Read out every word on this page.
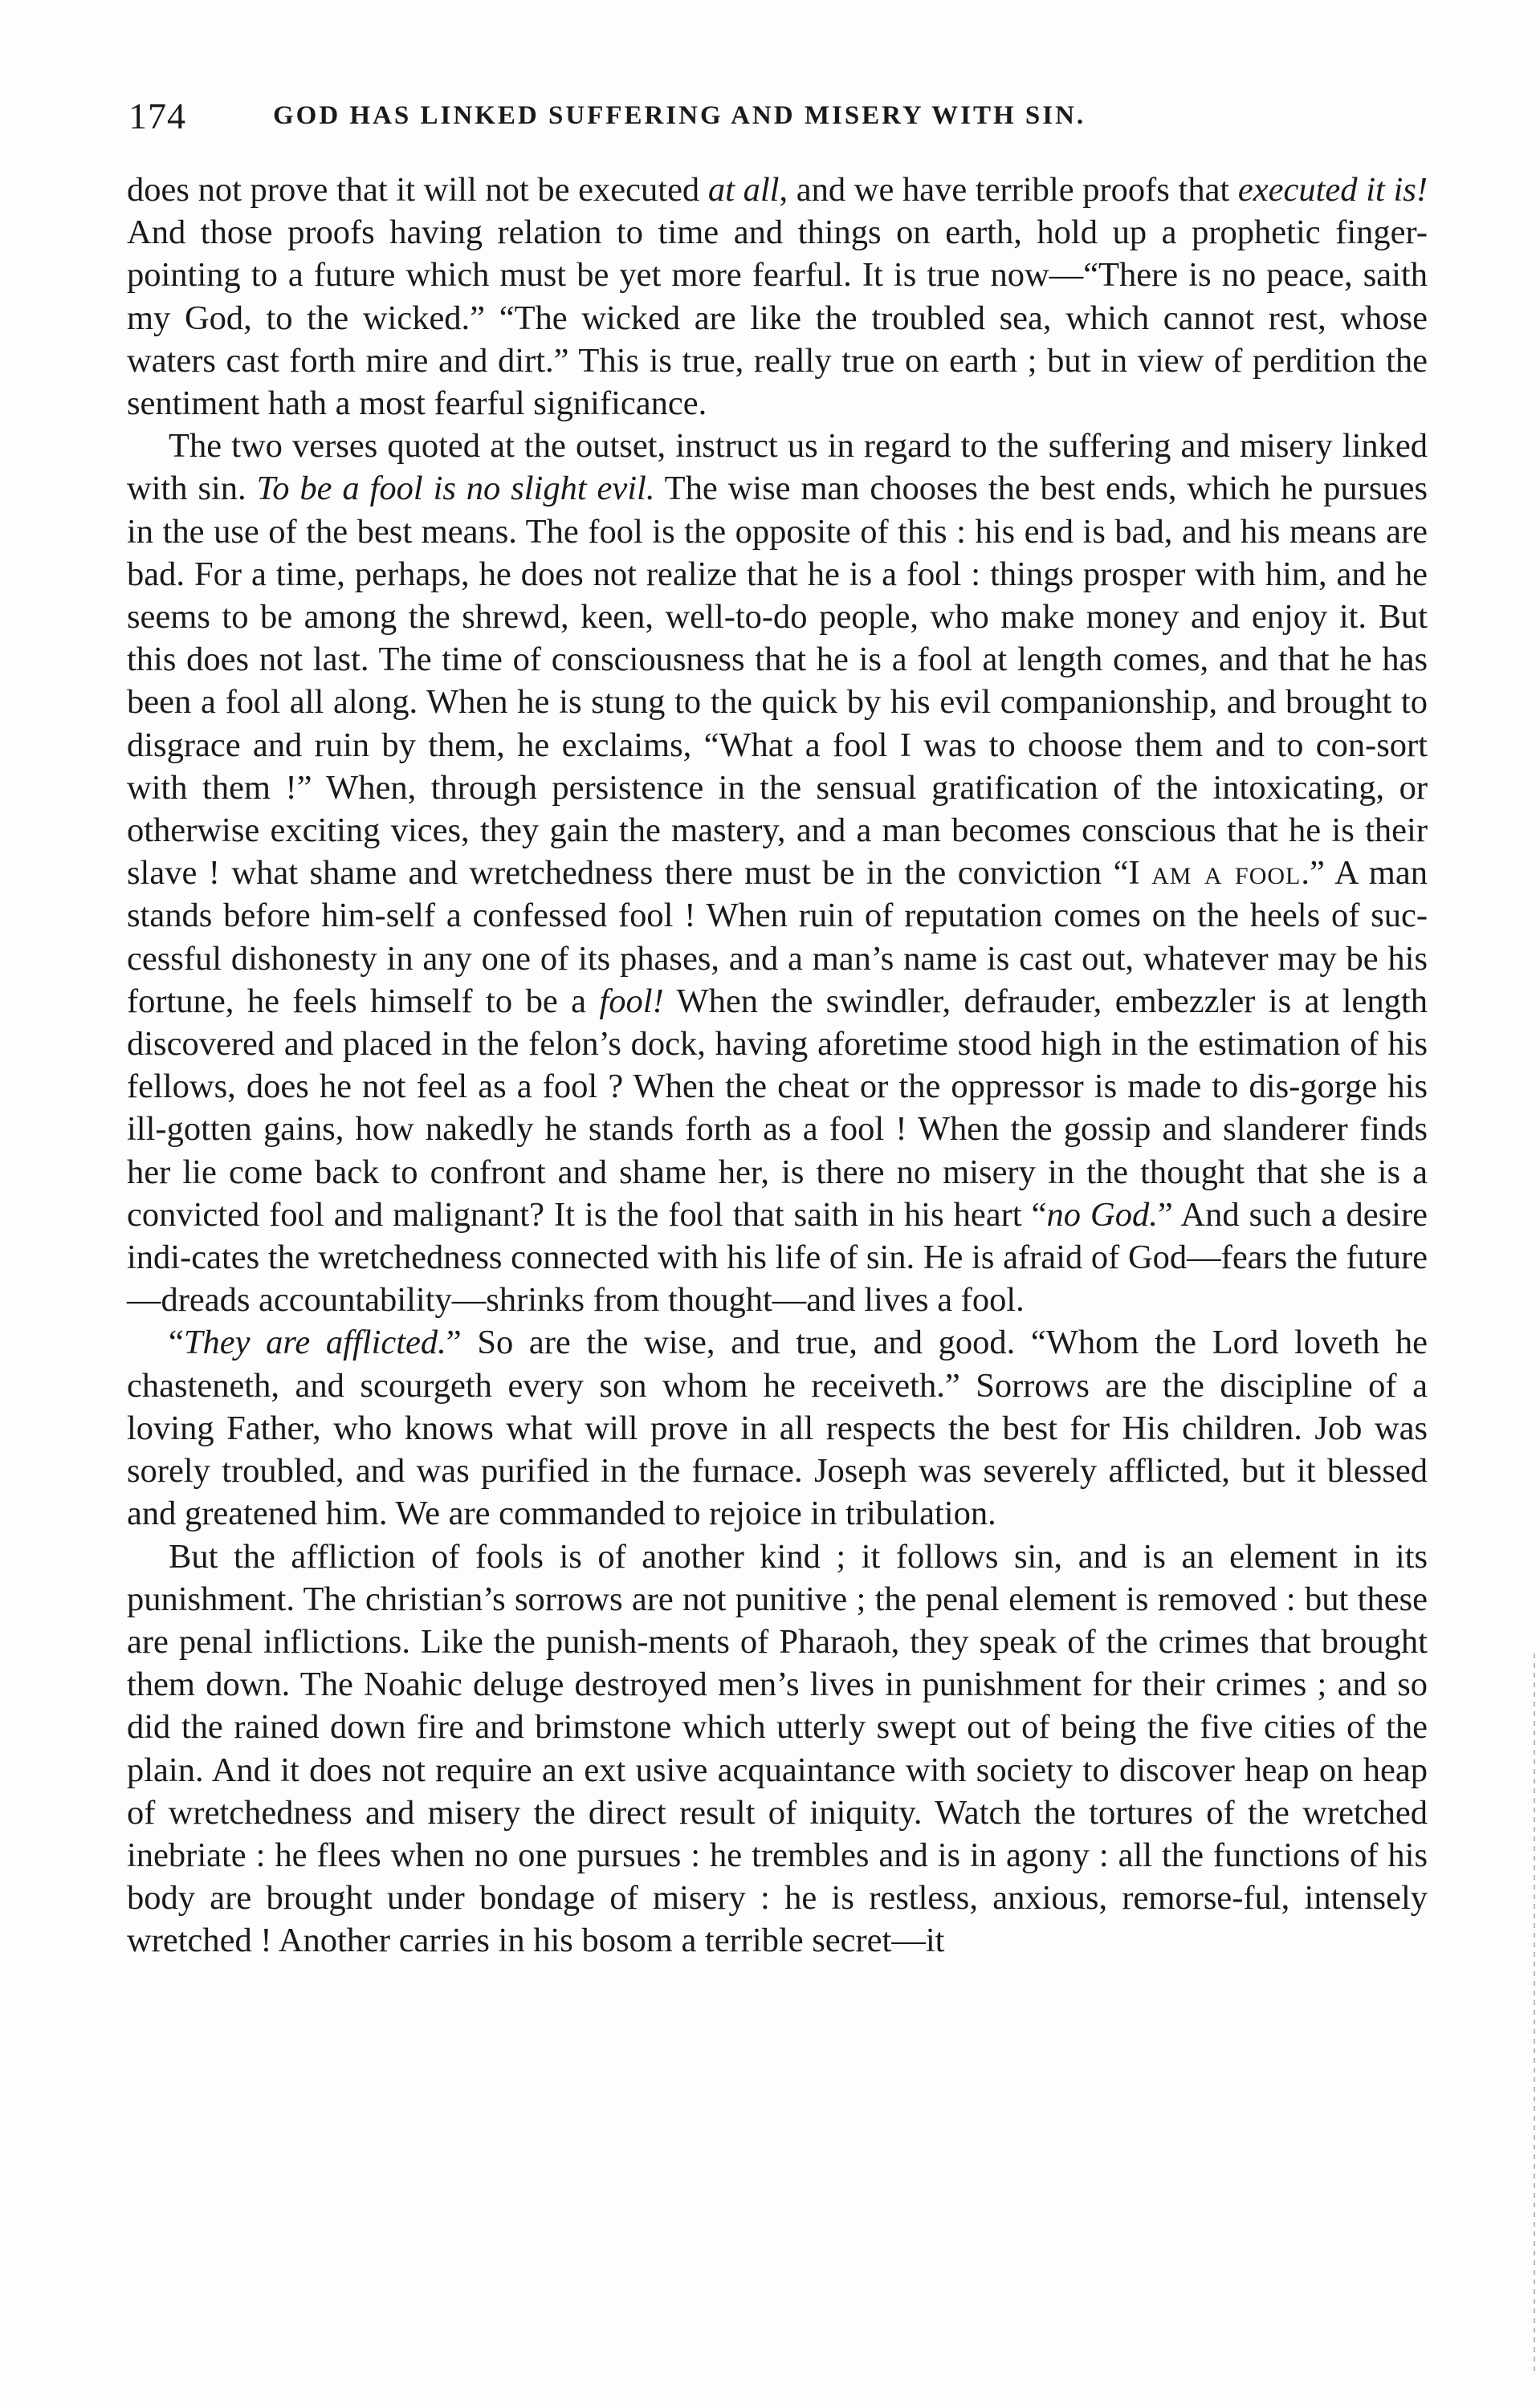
174	GOD HAS LINKED SUFFERING AND MISERY WITH SIN.

does not prove that it will not be executed at all, and we have terrible proofs that executed it is! And those proofs having relation to time and things on earth, hold up a prophetic finger-pointing to a future which must be yet more fearful. It is true now—“There is no peace, saith my God, to the wicked.” “The wicked are like the troubled sea, which cannot rest, whose waters cast forth mire and dirt.” This is true, really true on earth ; but in view of perdition the sentiment hath a most fearful significance.

The two verses quoted at the outset, instruct us in regard to the suffering and misery linked with sin. To be a fool is no slight evil. The wise man chooses the best ends, which he pursues in the use of the best means. The fool is the opposite of this : his end is bad, and his means are bad. For a time, perhaps, he does not realize that he is a fool : things prosper with him, and he seems to be among the shrewd, keen, well-to-do people, who make money and enjoy it. But this does not last. The time of consciousness that he is a fool at length comes, and that he has been a fool all along. When he is stung to the quick by his evil companionship, and brought to disgrace and ruin by them, he exclaims, “What a fool I was to choose them and to con-sort with them !” When, through persistence in the sensual gratification of the intoxicating, or otherwise exciting vices, they gain the mastery, and a man becomes conscious that he is their slave ! what shame and wretchedness there must be in the conviction “I am a fool.” A man stands before him-self a confessed fool ! When ruin of reputation comes on the heels of suc-cessful dishonesty in any one of its phases, and a man’s name is cast out, whatever may be his fortune, he feels himself to be a fool! When the swindler, defrauder, embezzler is at length discovered and placed in the felon’s dock, having aforetime stood high in the estimation of his fellows, does he not feel as a fool ? When the cheat or the oppressor is made to dis-gorge his ill-gotten gains, how nakedly he stands forth as a fool ! When the gossip and slanderer finds her lie come back to confront and shame her, is there no misery in the thought that she is a convicted fool and malignant? It is the fool that saith in his heart “no God.” And such a desire indi-cates the wretchedness connected with his life of sin. He is afraid of God—fears the future—dreads accountability—shrinks from thought—and lives a fool.

“They are afflicted.” So are the wise, and true, and good. “Whom the Lord loveth he chasteneth, and scourgeth every son whom he receiveth.” Sorrows are the discipline of a loving Father, who knows what will prove in all respects the best for His children. Job was sorely troubled, and was purified in the furnace. Joseph was severely afflicted, but it blessed and greatened him. We are commanded to rejoice in tribulation.

But the affliction of fools is of another kind ; it follows sin, and is an element in its punishment. The christian’s sorrows are not punitive ; the penal element is removed : but these are penal inflictions. Like the punish-ments of Pharaoh, they speak of the crimes that brought them down. The Noahic deluge destroyed men’s lives in punishment for their crimes ; and so did the rained down fire and brimstone which utterly swept out of being the five cities of the plain. And it does not require an ext usive acquaintance with society to discover heap on heap of wretchedness and misery the direct result of iniquity. Watch the tortures of the wretched inebriate : he flees when no one pursues : he trembles and is in agony : all the functions of his body are brought under bondage of misery : he is restless, anxious, remorse-ful, intensely wretched ! Another carries in his bosom a terrible secret—it
